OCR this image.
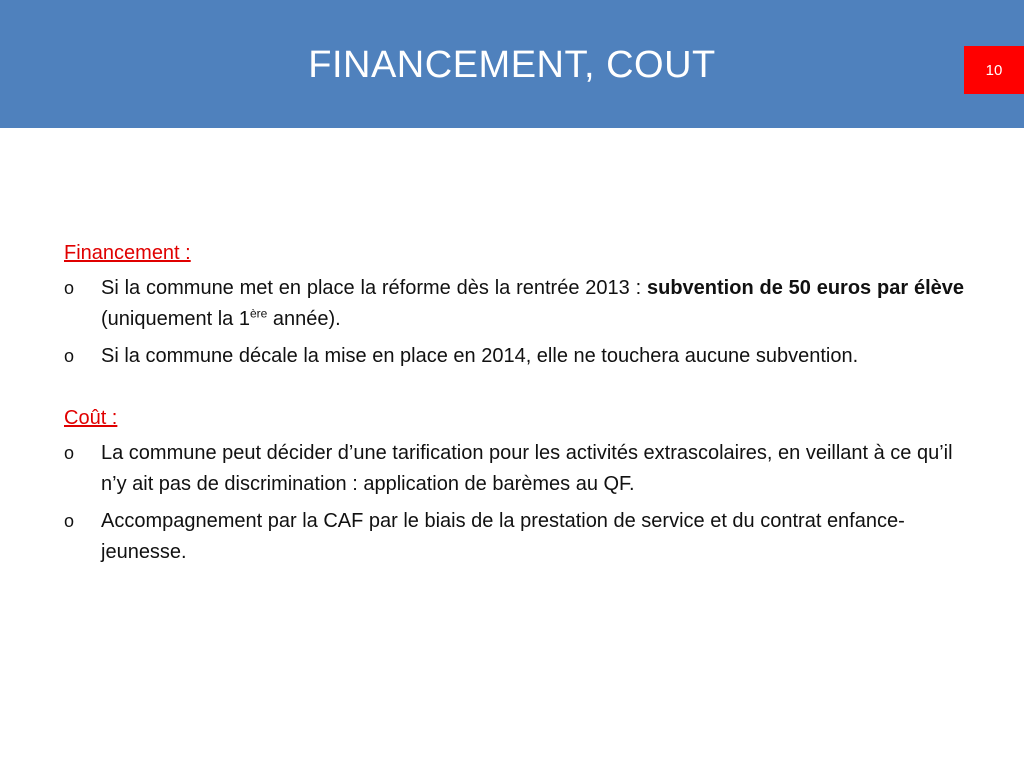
FINANCEMENT, COUT	10

Financement :

o	Si la commune met en place la réforme dès la rentrée 2013 : subvention de 50 euros par élève (uniquement la 1ère année).
o	Si la commune décale la mise en place en 2014, elle ne touchera aucune subvention.

Coût :

o	La commune peut décider d’une tarification pour les activités extrascolaires, en veillant à ce qu’il n’y ait pas de discrimination : application de barèmes au QF.
o	Accompagnement par la CAF par le biais de la prestation de service et du contrat enfance-jeunesse.
